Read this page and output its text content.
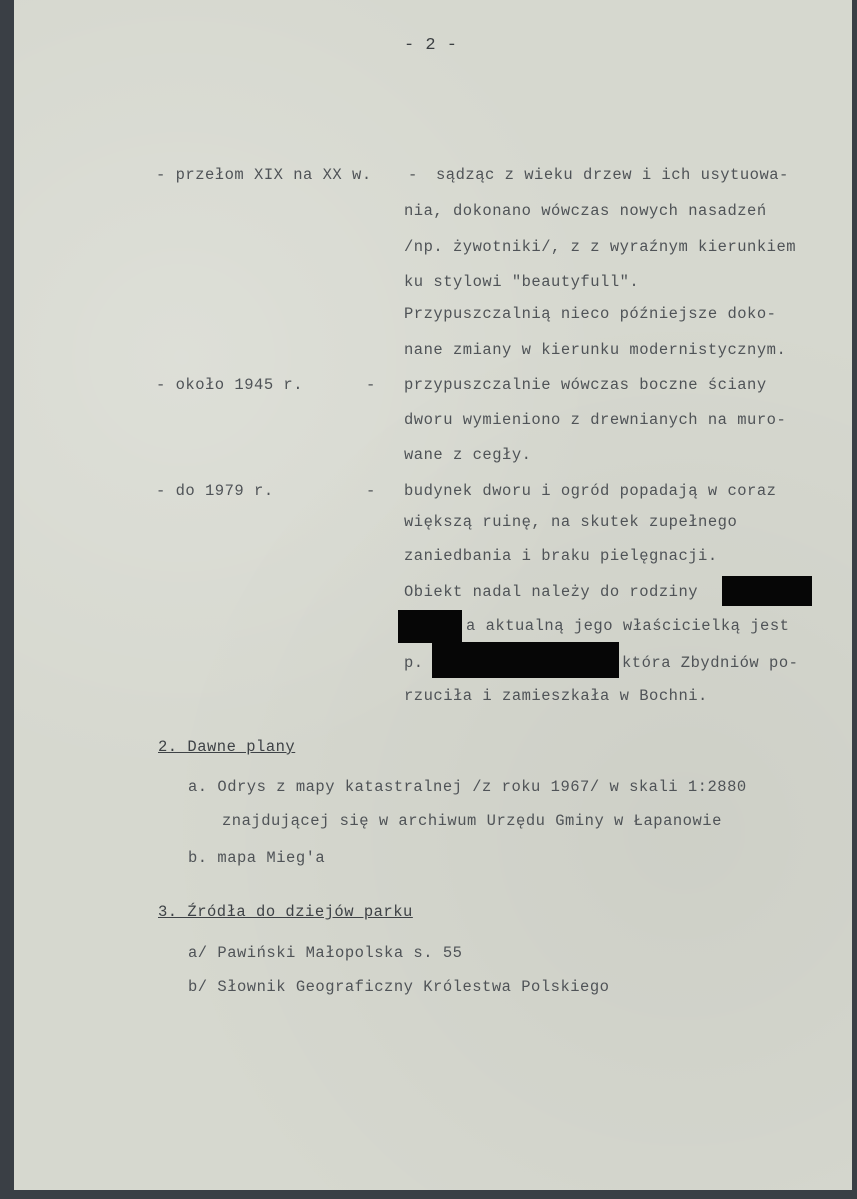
- 2 -
- przełom XIX na XX w. - sądząc z wieku drzew i ich usytuowa-
nia, dokonano wówczas nowych nasadzeń
/np. żywotniki/, z z wyraźnym kierunkiem
ku stylowi "beautyfull".
Przypuszczalnią nieco późniejsze doko-
nane zmiany w kierunku modernistycznym.
- około 1945 r.	- przypuszczalnie wówczas boczne ściany
dworu wymieniono z drewnianych na muro-
wane z cegły.
- do 1979 r.	- budynek dworu i ogród popadają w coraz
większą ruinę, na skutek zupełnego
zaniedbania i braku pielęgnacji.
Obiekt nadal należy do rodziny
a aktualną jego właścicielką jest
p.	która Zbydniów po-
rzuciła i zamieszkała w Bochni.
2. Dawne plany
a. Odrys z mapy katastralnej /z roku 1967/ w skali 1:2880
znajdującej się w archiwum Urzędu Gminy w Łapanowie
b. mapa Mieg'a
3. Źródła do dziejów parku
a/ Pawiński Małopolska s. 55
b/ Słownik Geograficzny Królestwa Polskiego
